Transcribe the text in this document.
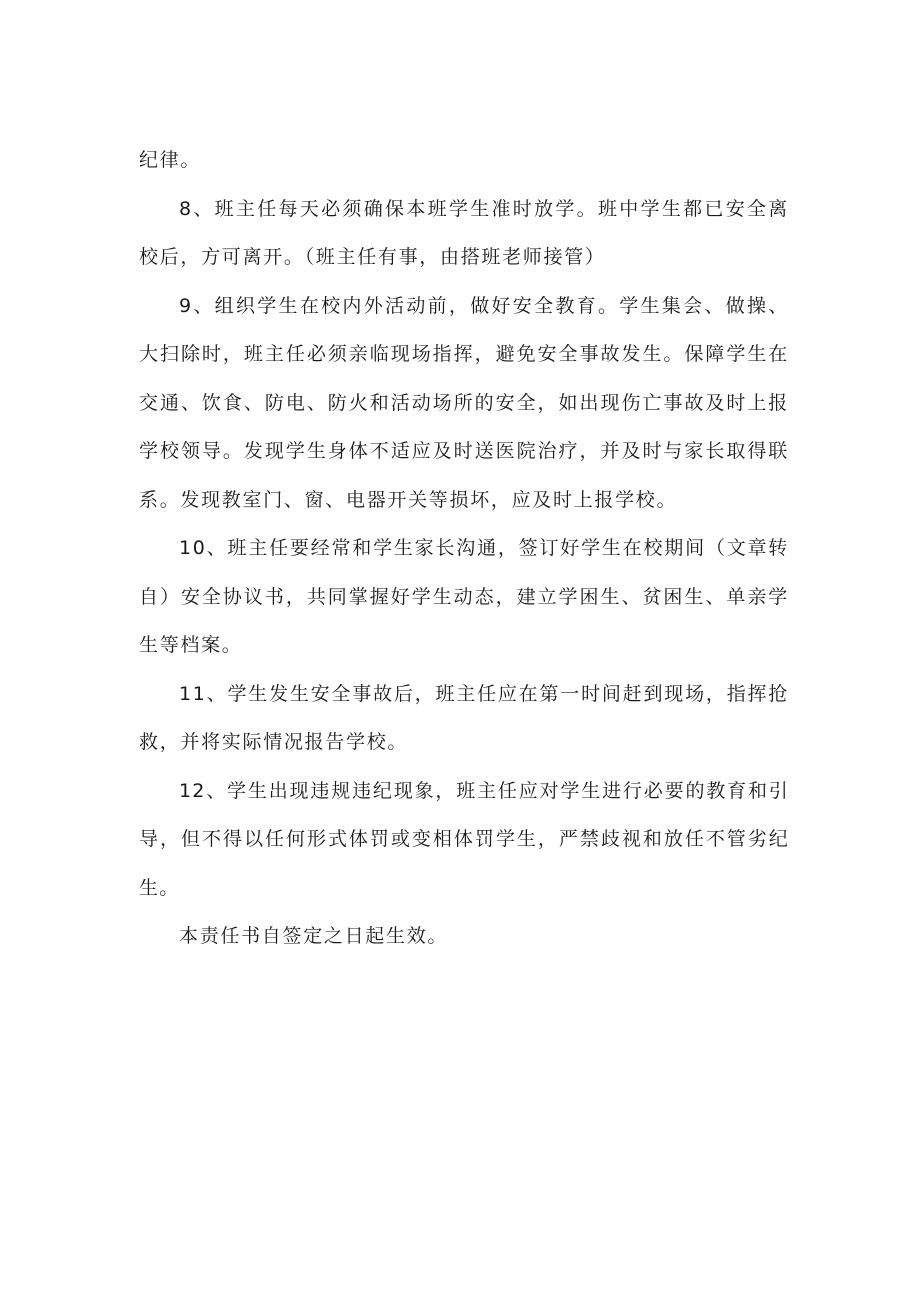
纪律。

8、班主任每天必须确保本班学生准时放学。班中学生都已安全离校后，方可离开。（班主任有事，由搭班老师接管）

9、组织学生在校内外活动前，做好安全教育。学生集会、做操、大扫除时，班主任必须亲临现场指挥，避免安全事故发生。保障学生在交通、饮食、防电、防火和活动场所的安全，如出现伤亡事故及时上报学校领导。发现学生身体不适应及时送医院治疗，并及时与家长取得联系。发现教室门、窗、电器开关等损坏，应及时上报学校。

10、班主任要经常和学生家长沟通，签订好学生在校期间（文章转自）安全协议书，共同掌握好学生动态，建立学困生、贫困生、单亲学生等档案。

11、学生发生安全事故后，班主任应在第一时间赶到现场，指挥抢救，并将实际情况报告学校。

12、学生出现违规违纪现象，班主任应对学生进行必要的教育和引导，但不得以任何形式体罚或变相体罚学生，严禁歧视和放任不管劣纪生。

本责任书自签定之日起生效。
